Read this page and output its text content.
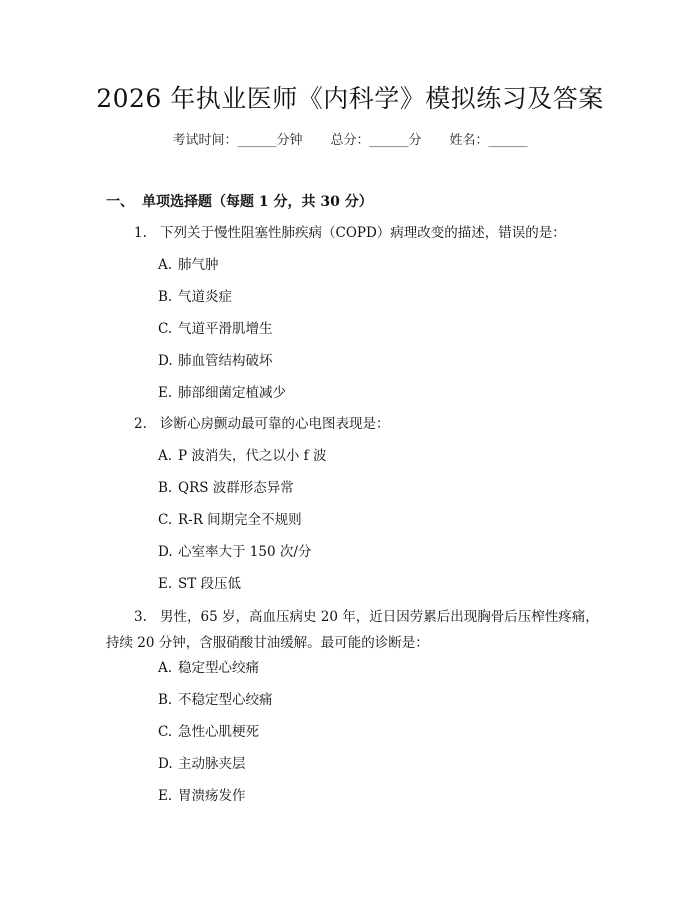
2026 年执业医师《内科学》模拟练习及答案
考试时间：______分钟 总分：______分 姓名：______
一、 单项选择题（每题 1 分，共 30 分）
1. 下列关于慢性阻塞性肺疾病（COPD）病理改变的描述，错误的是：
A. 肺气肿
B. 气道炎症
C. 气道平滑肌增生
D. 肺血管结构破坏
E. 肺部细菌定植减少
2. 诊断心房颤动最可靠的心电图表现是：
A. P 波消失，代之以小 f 波
B. QRS 波群形态异常
C. R-R 间期完全不规则
D. 心室率大于 150 次/分
E. ST 段压低
3. 男性，65 岁，高血压病史 20 年，近日因劳累后出现胸骨后压榨性疼痛，
持续 20 分钟，含服硝酸甘油缓解。最可能的诊断是：
A. 稳定型心绞痛
B. 不稳定型心绞痛
C. 急性心肌梗死
D. 主动脉夹层
E. 胃溃疡发作
